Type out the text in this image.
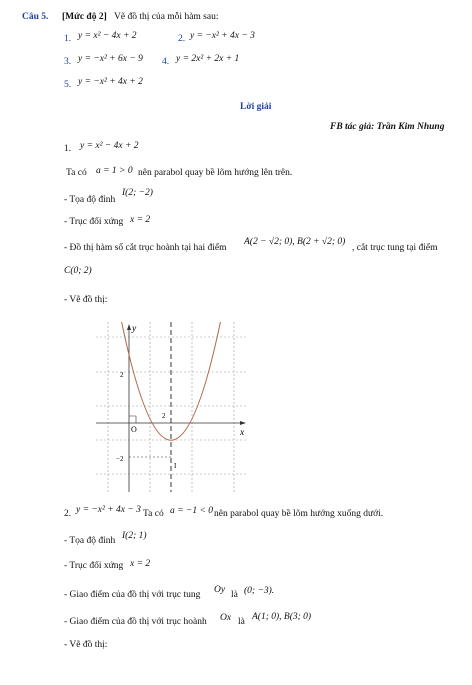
Câu 5. [Mức độ 2] Vẽ đồ thị của mỗi hàm sau:
1. y = x² − 4x + 2	2. y = −x² + 4x − 3
3. y = −x² + 6x − 9 4. y = 2x² + 2x + 1
5. y = −x² + 4x + 2
Lời giải
FB tác giả: Trần Kim Nhung
1. y = x² − 4x + 2
Ta có a = 1 > 0 nên parabol quay bề lõm hướng lên trên.
- Tọa độ đỉnh
I(2; −2)
- Trục đối xứng x = 2
- Đồ thị hàm số cắt trục hoành tại hai điểm
A(2 − √2; 0), B(2 + √2; 0)
, cắt trục tung tại điểm
C(0; 2)
- Vẽ đồ thị:
y
x
O
2
2
−2
I
2. y = −x² + 4x − 3 Ta có a = −1 < 0 nên parabol quay bề lõm hướng xuống dưới.
- Tọa độ đỉnh I(2; 1)
- Trục đối xứng x = 2
- Giao điểm của đồ thị với trục tung Oy là (0; −3).
- Giao điểm của đồ thị với trục hoành Ox là A(1; 0), B(3; 0)
- Vẽ đồ thị:
